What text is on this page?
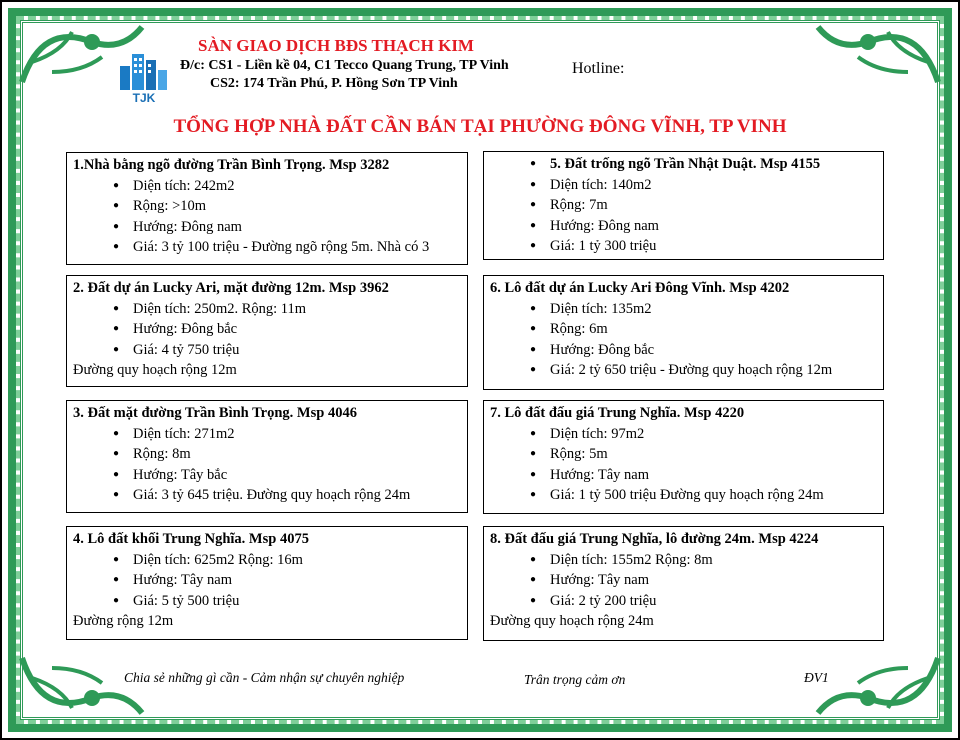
TJK
SÀN GIAO DỊCH BĐS THẠCH KIM
Đ/c: CS1 - Liền kề 04, C1 Tecco Quang Trung, TP Vinh
CS2: 174 Trần Phú, P. Hồng Sơn TP Vinh
Hotline:
TỔNG HỢP NHÀ ĐẤT CẦN BÁN TẠI PHƯỜNG ĐÔNG VĨNH, TP VINH
1.Nhà bằng ngõ đường Trần Bình Trọng. Msp 3282
● Diện tích: 242m2
● Rộng: >10m
● Hướng: Đông nam
● Giá: 3 tỷ 100 triệu - Đường ngõ rộng 5m. Nhà có 3
2. Đất dự án Lucky Ari, mặt đường 12m. Msp 3962
● Diện tích: 250m2. Rộng: 11m
● Hướng: Đông bắc
● Giá: 4 tỷ 750 triệu
Đường quy hoạch rộng 12m
3. Đất mặt đường Trần Bình Trọng. Msp 4046
● Diện tích: 271m2
● Rộng: 8m
● Hướng: Tây bắc
● Giá: 3 tỷ 645 triệu. Đường quy hoạch rộng 24m
4. Lô đất khối Trung Nghĩa. Msp 4075
● Diện tích: 625m2 Rộng: 16m
● Hướng: Tây nam
● Giá: 5 tỷ 500 triệu
Đường rộng 12m
● 5. Đất trống ngõ Trần Nhật Duật. Msp 4155
● Diện tích: 140m2
● Rộng: 7m
● Hướng: Đông nam
● Giá: 1 tỷ 300 triệu
6. Lô đất dự án Lucky Ari Đông Vĩnh. Msp 4202
● Diện tích: 135m2
● Rộng: 6m
● Hướng: Đông bắc
● Giá: 2 tỷ 650 triệu - Đường quy hoạch rộng 12m
7. Lô đất đấu giá Trung Nghĩa. Msp 4220
● Diện tích: 97m2
● Rộng: 5m
● Hướng: Tây nam
● Giá: 1 tỷ 500 triệu Đường quy hoạch rộng 24m
8. Đất đấu giá Trung Nghĩa, lô đường 24m. Msp 4224
● Diện tích: 155m2 Rộng: 8m
● Hướng: Tây nam
● Giá: 2 tỷ 200 triệu
Đường quy hoạch rộng 24m
Chia sẻ những gì cần - Cảm nhận sự chuyên nghiệp	Trân trọng cảm ơn	ĐV1
